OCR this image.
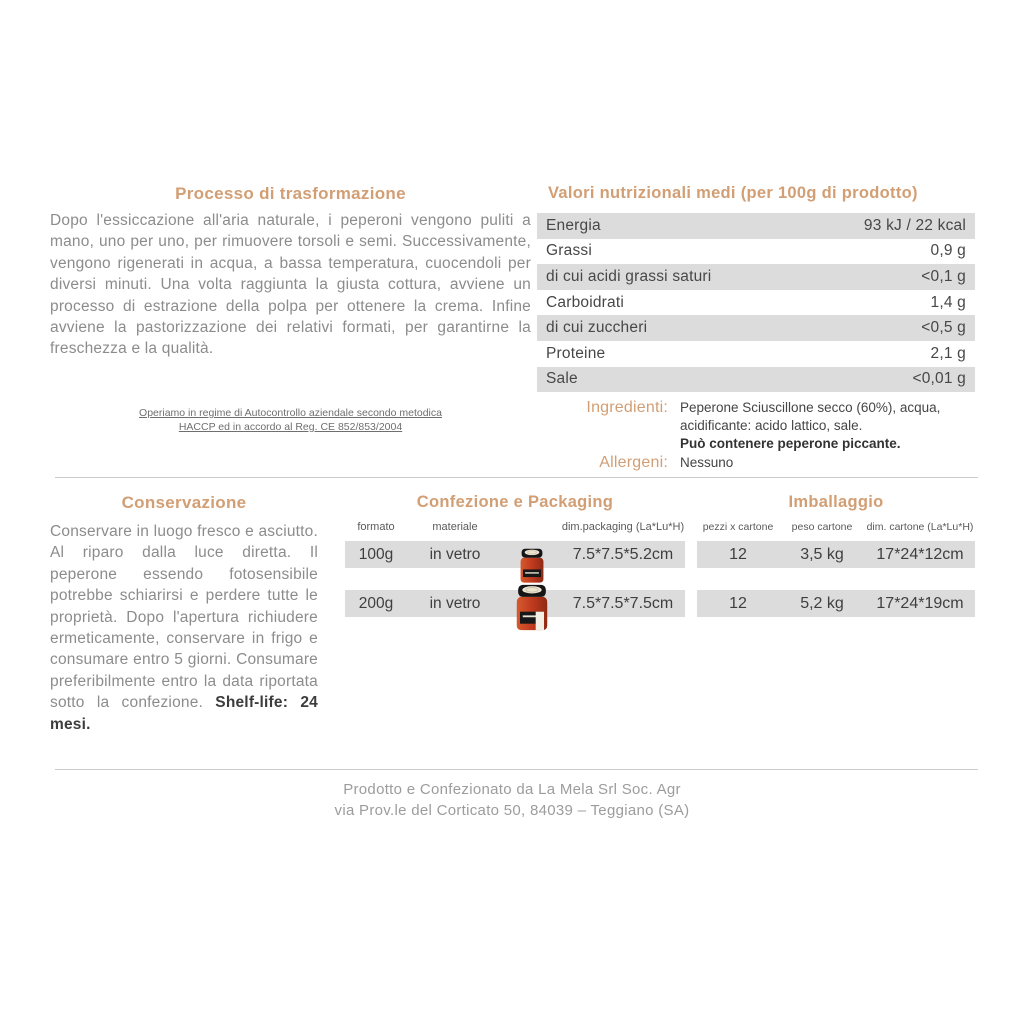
Processo di trasformazione

Dopo l'essiccazione all'aria naturale, i peperoni vengono puliti a mano, uno per uno, per rimuovere torsoli e semi. Successivamente, vengono rigenerati in acqua, a bassa temperatura, cuocendoli per diversi minuti. Una volta raggiunta la giusta cottura, avviene un processo di estrazione della polpa per ottenere la crema. Infine avviene la pastorizzazione dei relativi formati, per garantirne la freschezza e la qualità.

Operiamo in regime di Autocontrollo aziendale secondo metodica HACCP ed in accordo al Reg. CE 852/853/2004
Valori nutrizionali medi (per 100g di prodotto)
Energia	93 kJ / 22 kcal
Grassi	0,9 g
di cui acidi grassi saturi	<0,1 g
Carboidrati	1,4 g
di cui zuccheri	<0,5 g
Proteine	2,1 g
Sale	<0,01 g
Ingredienti: Peperone Sciuscillone secco (60%), acqua,
acidificante: acido lattico, sale.
Può contenere peperone piccante.
Allergeni: Nessuno
Conservazione

Conservare in luogo fresco e asciutto. Al riparo dalla luce diretta. Il peperone essendo fotosensibile potrebbe schiarirsi e perdere tutte le proprietà. Dopo l'apertura richiudere ermeticamente, conservare in frigo e consumare entro 5 giorni. Consumare preferibilmente entro la data riportata sotto la confezione. Shelf-life: 24 mesi.

Confezione e Packaging
formato	materiale	dim.packaging (La*Lu*H)
100g	in vetro	7.5*7.5*5.2cm
200g	in vetro	7.5*7.5*7.5cm
Imballaggio
pezzi x cartone	peso cartone	dim. cartone (La*Lu*H)
12	3,5 kg	17*24*12cm
12	5,2 kg	17*24*19cm
Prodotto e Confezionato da La Mela Srl Soc. Agr
via Prov.le del Corticato 50, 84039 – Teggiano (SA)
